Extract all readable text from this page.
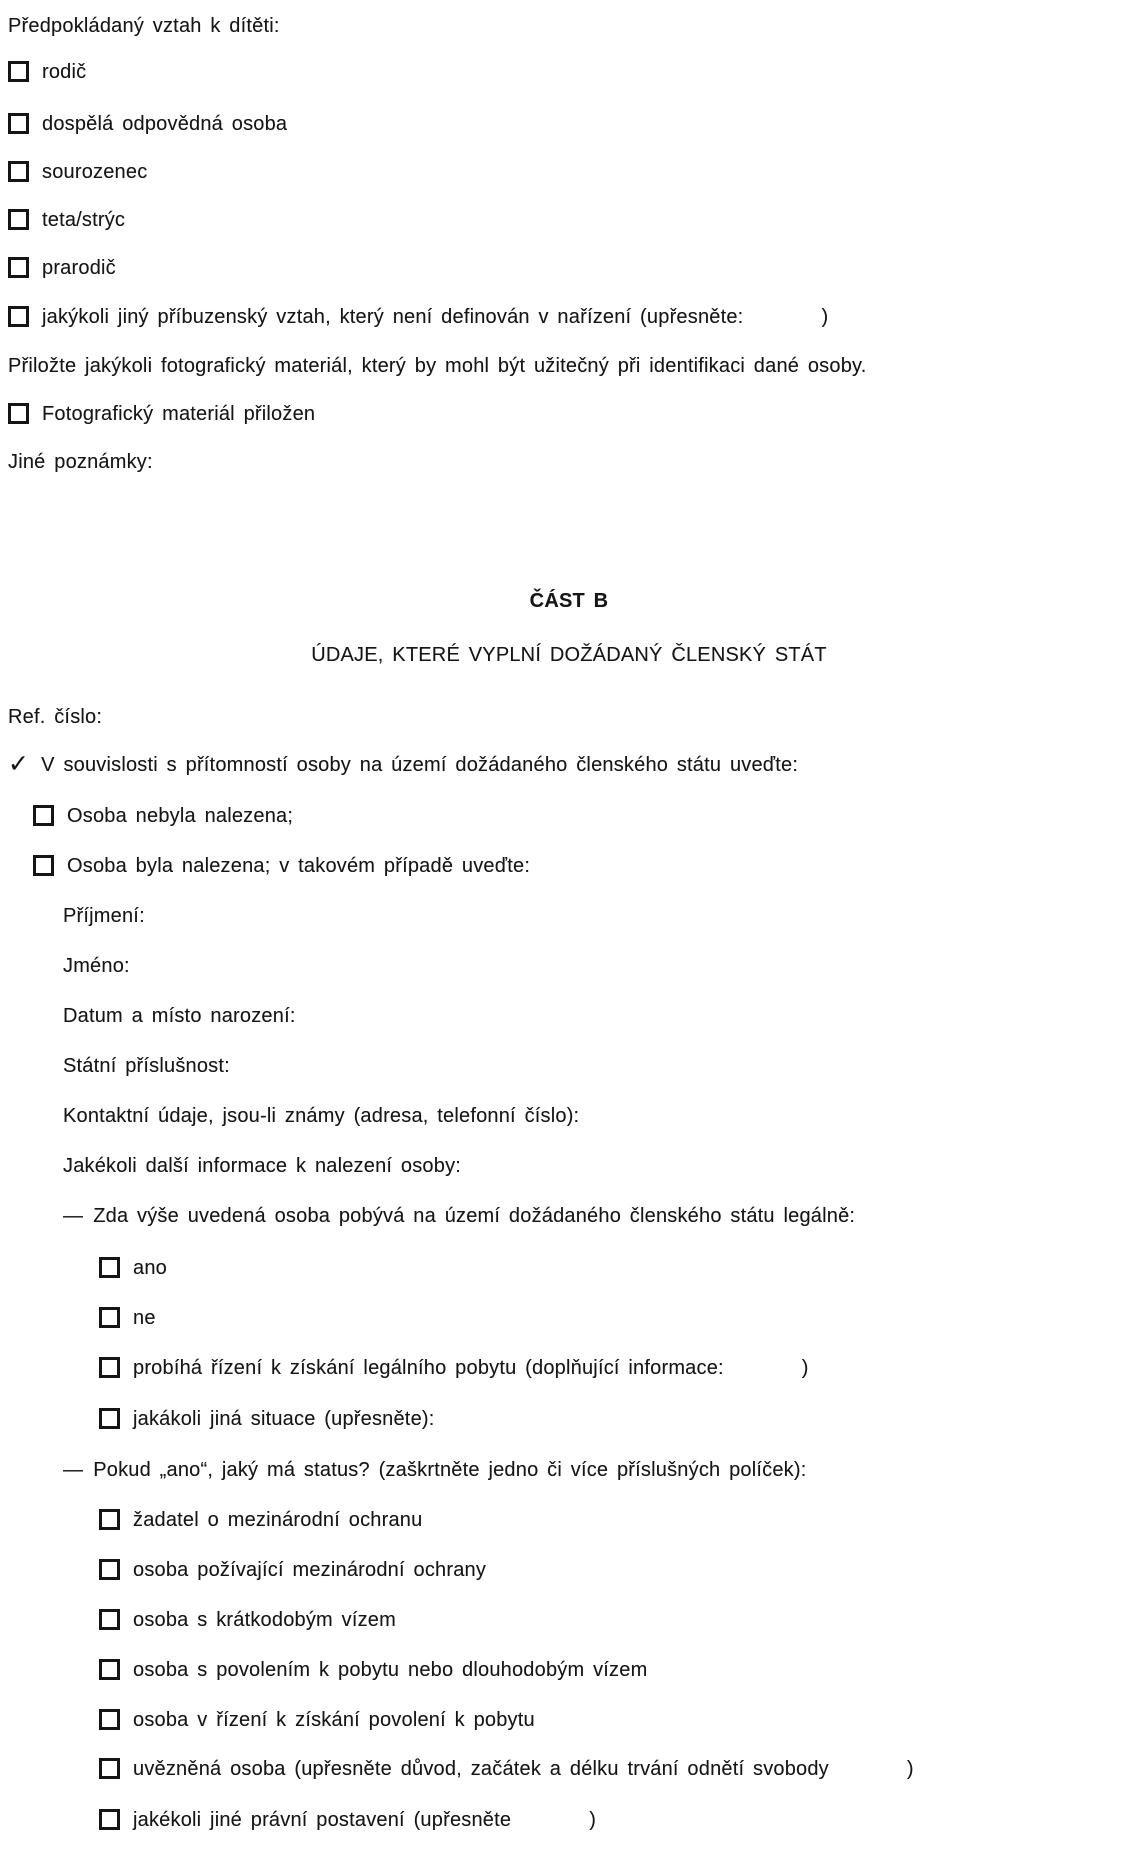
Předpokládaný vztah k dítěti:
rodič
dospělá odpovědná osoba
sourozenec
teta/strýc
prarodič
jakýkoli jiný příbuzenský vztah, který není definován v nařízení (upřesněte:	)
Přiložte jakýkoli fotografický materiál, který by mohl být užitečný při identifikaci dané osoby.
Fotografický materiál přiložen
Jiné poznámky:
ČÁST B
ÚDAJE, KTERÉ VYPLNÍ DOŽÁDANÝ ČLENSKÝ STÁT
Ref. číslo:
✓ V souvislosti s přítomností osoby na území dožádaného členského státu uveďte:
Osoba nebyla nalezena;
Osoba byla nalezena; v takovém případě uveďte:
Příjmení:
Jméno:
Datum a místo narození:
Státní příslušnost:
Kontaktní údaje, jsou-li známy (adresa, telefonní číslo):
Jakékoli další informace k nalezení osoby:
— Zda výše uvedená osoba pobývá na území dožádaného členského státu legálně:
ano
ne
probíhá řízení k získání legálního pobytu (doplňující informace:	)
jakákoli jiná situace (upřesněte):
— Pokud „ano“, jaký má status? (zaškrtněte jedno či více příslušných políček):
žadatel o mezinárodní ochranu
osoba požívající mezinárodní ochrany
osoba s krátkodobým vízem
osoba s povolením k pobytu nebo dlouhodobým vízem
osoba v řízení k získání povolení k pobytu
uvězněná osoba (upřesněte důvod, začátek a délku trvání odnětí svobody	)
jakékoli jiné právní postavení (upřesněte	)
